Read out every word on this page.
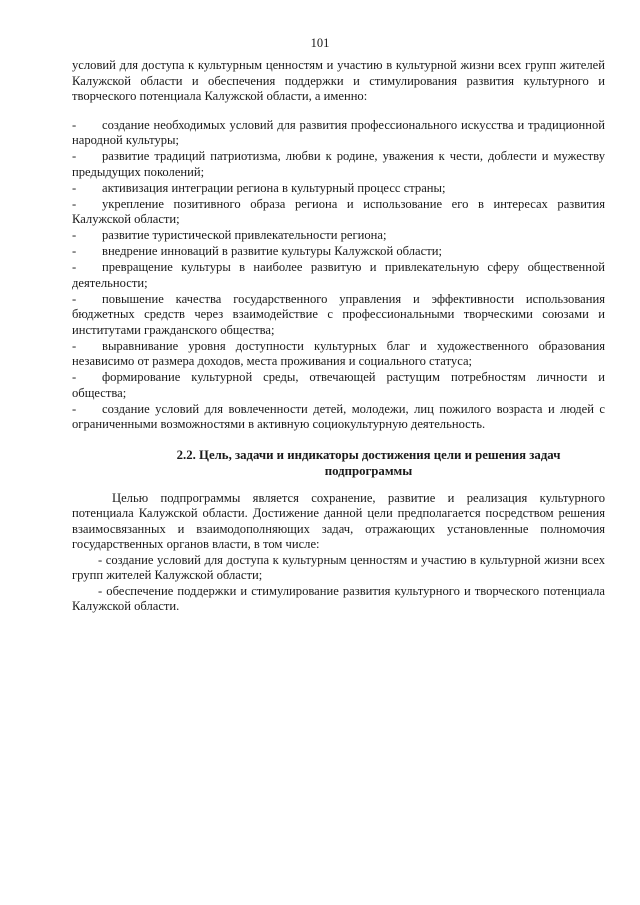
101

условий для доступа к культурным ценностям и участию в культурной жизни всех групп жителей Калужской области и обеспечения поддержки и стимулирования развития культурного и творческого потенциала Калужской области, а именно:

- создание необходимых условий для развития профессионального искусства и традиционной народной культуры;
- развитие традиций патриотизма, любви к родине, уважения к чести, доблести и мужеству предыдущих поколений;
- активизация интеграции региона в культурный процесс страны;
- укрепление позитивного образа региона и использование его в интересах развития Калужской области;
- развитие туристической привлекательности региона;
- внедрение инноваций в развитие культуры Калужской области;
- превращение культуры в наиболее развитую и привлекательную сферу общественной деятельности;
- повышение качества государственного управления и эффективности использования бюджетных средств через взаимодействие с профессиональными творческими союзами и институтами гражданского общества;
- выравнивание уровня доступности культурных благ и художественного образования независимо от размера доходов, места проживания и социального статуса;
- формирование культурной среды, отвечающей растущим потребностям личности и общества;
- создание условий для вовлеченности детей, молодежи, лиц пожилого возраста и людей с ограниченными возможностями в активную социокультурную деятельность.
2.2. Цель, задачи и индикаторы достижения цели и решения задач подпрограммы

Целью подпрограммы является сохранение, развитие и реализация культурного потенциала Калужской области. Достижение данной цели предполагается посредством решения взаимосвязанных и взаимодополняющих задач, отражающих установленные полномочия государственных органов власти, в том числе:

- создание условий для доступа к культурным ценностям и участию в культурной жизни всех групп жителей Калужской области;

- обеспечение поддержки и стимулирование развития культурного и творческого потенциала Калужской области.
